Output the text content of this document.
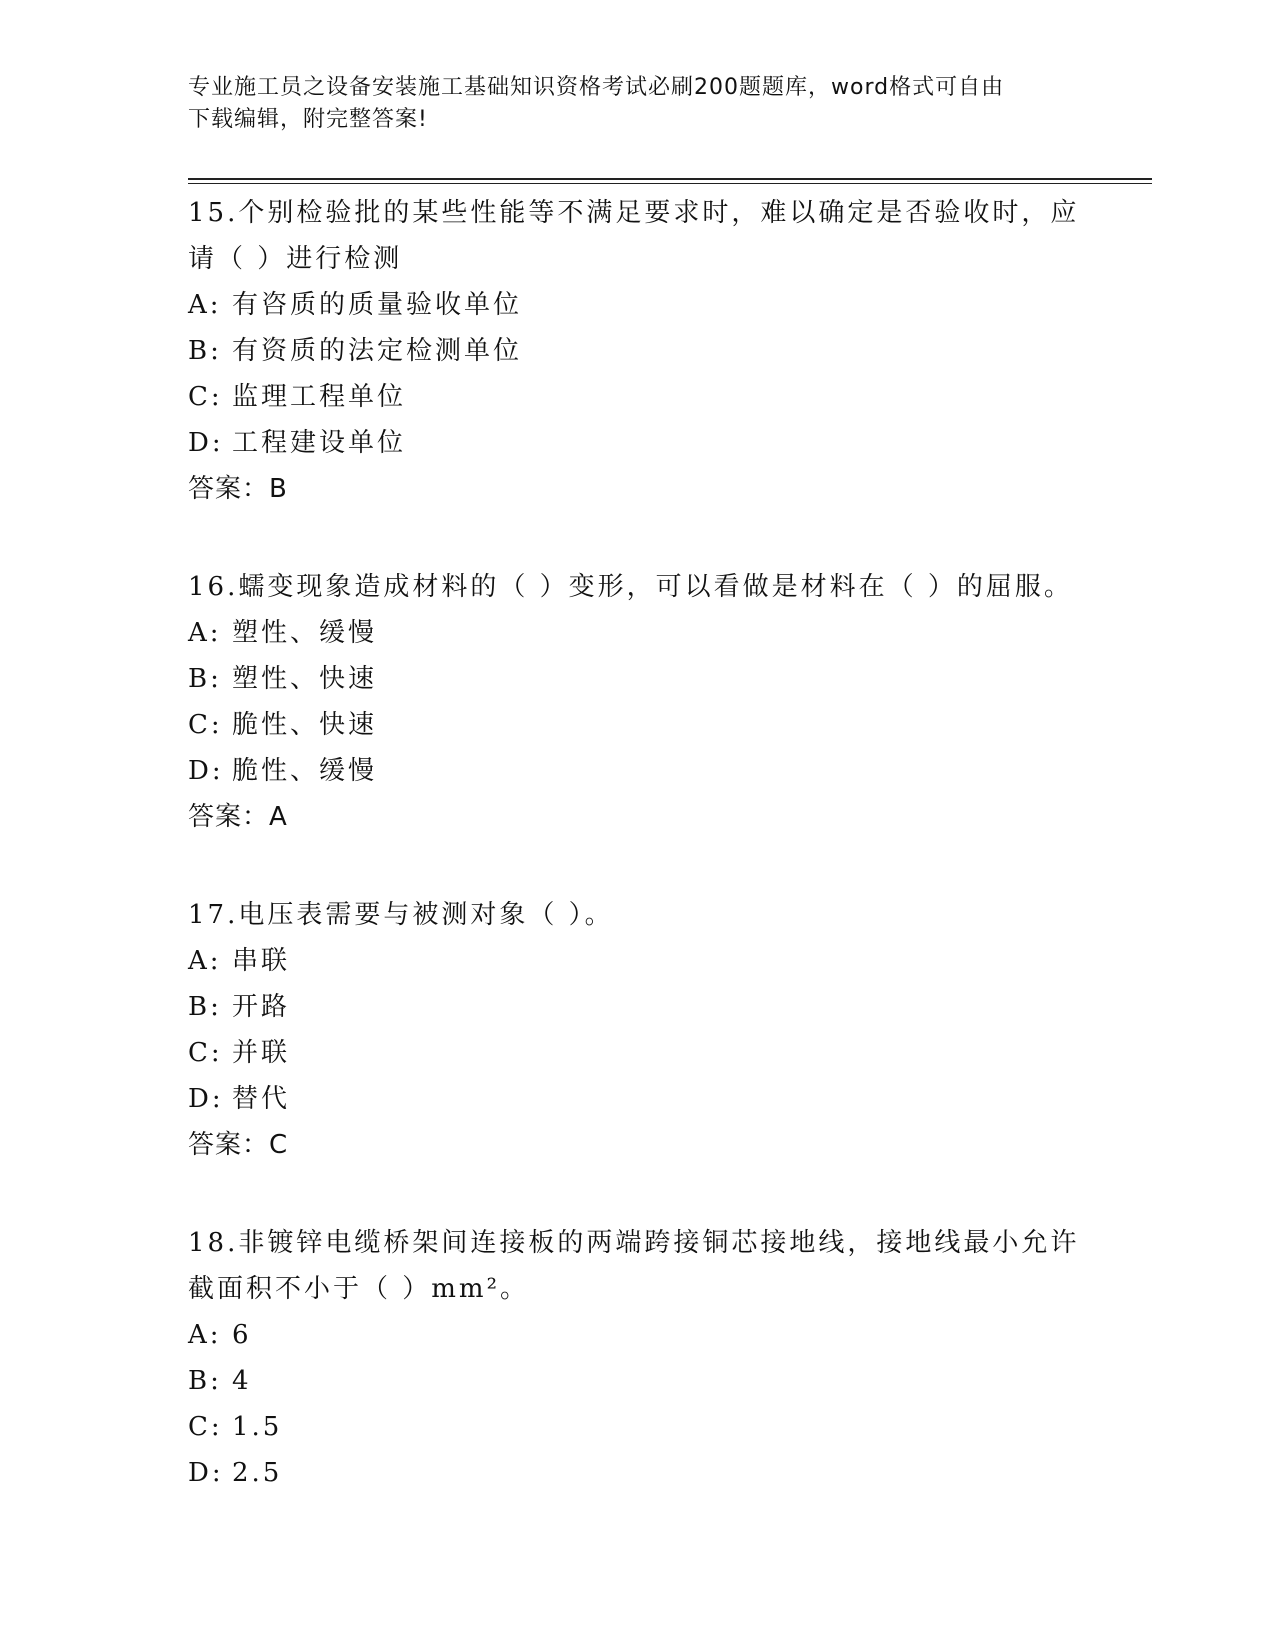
专业施工员之设备安装施工基础知识资格考试必刷200题题库，word格式可自由
下载编辑，附完整答案!

15.个别检验批的某些性能等不满足要求时，难以确定是否验收时，应

请（ ）进行检测

A: 有咨质的质量验收单位

B: 有资质的法定检测单位

C: 监理工程单位

D: 工程建设单位

答案：B

16.蠕变现象造成材料的（ ）变形，可以看做是材料在（ ）的屈服。

A: 塑性、缓慢

B: 塑性、快速

C: 脆性、快速

D: 脆性、缓慢

答案：A

17.电压表需要与被测对象（ ）。

A: 串联

B: 开路

C: 并联

D: 替代

答案：C

18.非镀锌电缆桥架间连接板的两端跨接铜芯接地线，接地线最小允许

截面积不小于（ ）mm²。

A: 6

B: 4

C: 1.5

D: 2.5
